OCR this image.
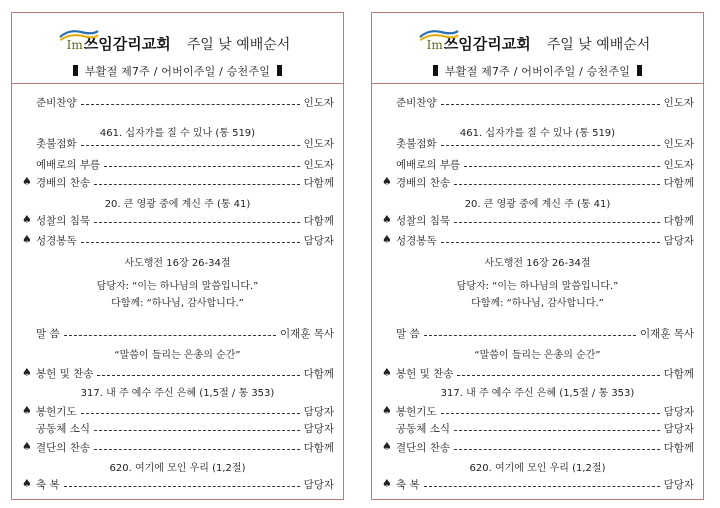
Im쓰임감리교회 주일 낮 예배순서
부활절 제7주 / 어버이주일 / 승천주일
준비찬양	인도자
461. 십자가를 질 수 있나 (통 519)
촛불점화	인도자
예배로의 부름	인도자
♠ 경배의 찬송	다함께
20. 큰 영광 중에 계신 주 (통 41)
♠ 성찰의 침묵	다함께
♠ 성경봉독	담당자
사도행전 16장 26-34절
담당자: “이는 하나님의 말씀입니다.”
다함께: “하나님, 감사합니다.”
말 씀	이재훈 목사
“말씀이 들리는 은총의 순간”
♠ 봉헌 및 찬송	다함께
317. 내 주 예수 주신 은혜 (1,5절 / 통 353)
♠ 봉헌기도	담당자
공동체 소식	담당자
♠ 결단의 찬송	다함께
620. 여기에 모인 우리 (1,2절)
♠ 축 복	담당자
Im쓰임감리교회 주일 낮 예배순서
부활절 제7주 / 어버이주일 / 승천주일
준비찬양	인도자
461. 십자가를 질 수 있나 (통 519)
촛불점화	인도자
예배로의 부름	인도자
♠ 경배의 찬송	다함께
20. 큰 영광 중에 계신 주 (통 41)
♠ 성찰의 침묵	다함께
♠ 성경봉독	담당자
사도행전 16장 26-34절
담당자: “이는 하나님의 말씀입니다.”
다함께: “하나님, 감사합니다.”
말 씀	이재훈 목사
“말씀이 들리는 은총의 순간”
♠ 봉헌 및 찬송	다함께
317. 내 주 예수 주신 은혜 (1,5절 / 통 353)
♠ 봉헌기도	담당자
공동체 소식	담당자
♠ 결단의 찬송	다함께
620. 여기에 모인 우리 (1,2절)
♠ 축 복	담당자
